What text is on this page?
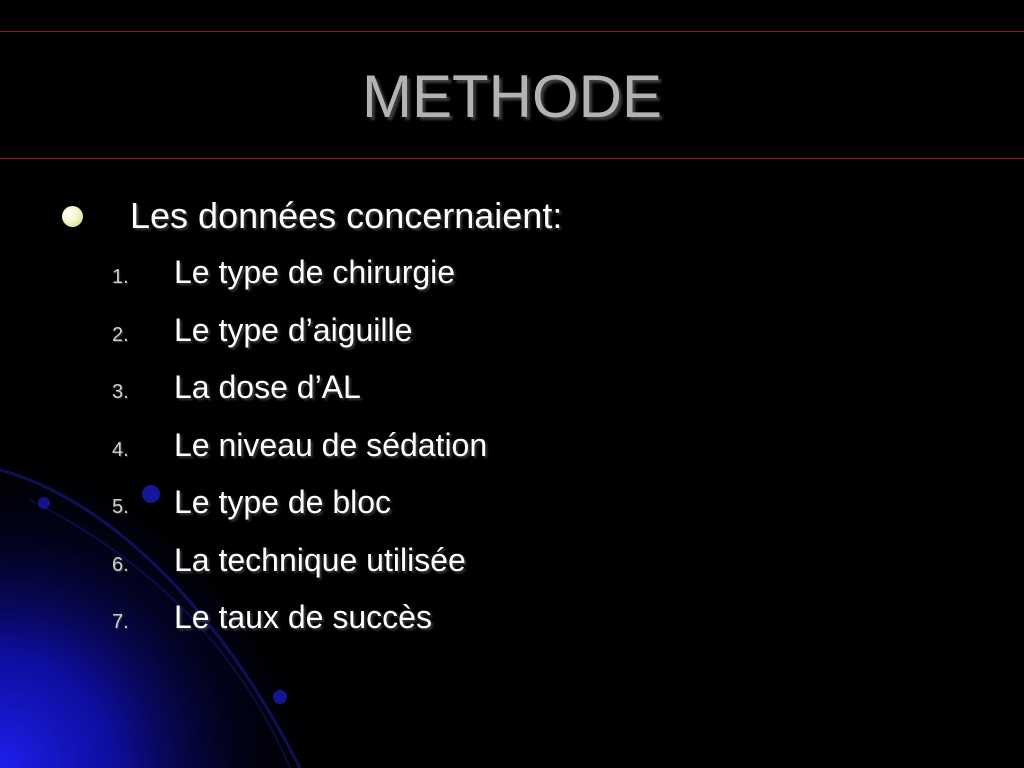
METHODE
Les données concernaient:
1.	Le type de chirurgie
2.	Le type d’aiguille
3.	La dose d’AL
4.	Le niveau de sédation
5.	Le type de bloc
6.	La technique utilisée
7.	Le taux de succès
